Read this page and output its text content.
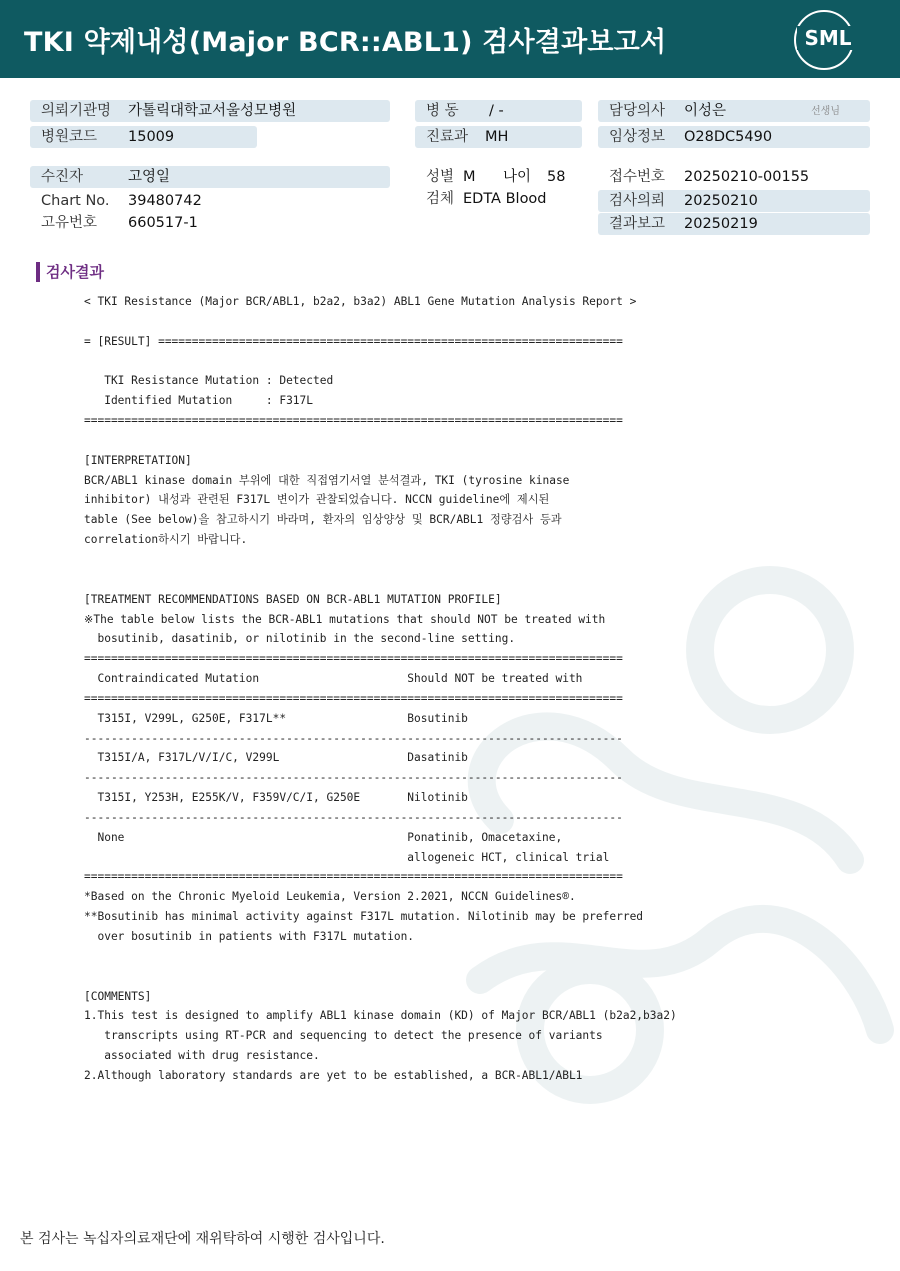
TKI 약제내성(Major BCR::ABL1) 검사결과보고서	SML
의뢰기관명 가톨릭대학교서울성모병원	병 동 / -	담당의사 이성은	선생님
병원코드 15009	진료과 MH	임상정보 O28DC5490
수진자	고영일	성별 M 나이 58	접수번호 20250210-00155
Chart No. 39480742	검체 EDTA Blood	검사의뢰 20250210
고유번호 660517-1	결과보고 20250219
검사결과
< TKI Resistance (Major BCR/ABL1, b2a2, b3a2) ABL1 Gene Mutation Analysis Report >

= [RESULT] =====================================================================

TKI Resistance Mutation : Detected
Identified Mutation     : F317L
================================================================================

[INTERPRETATION]
BCR/ABL1 kinase domain 부위에 대한 직접염기서열 분석결과, TKI (tyrosine kinase
inhibitor) 내성과 관련된 F317L 변이가 관찰되었습니다. NCCN guideline에 제시된
table (See below)을 참고하시기 바라며, 환자의 임상양상 및 BCR/ABL1 정량검사 등과
correlation하시기 바랍니다.

[TREATMENT RECOMMENDATIONS BASED ON BCR-ABL1 MUTATION PROFILE]
※The table below lists the BCR-ABL1 mutations that should NOT be treated with
bosutinib, dasatinib, or nilotinib in the second-line setting.
================================================================================
Contraindicated Mutation                      Should NOT be treated with
================================================================================
T315I, V299L, G250E, F317L**                  Bosutinib
--------------------------------------------------------------------------------
T315I/A, F317L/V/I/C, V299L                   Dasatinib
--------------------------------------------------------------------------------
T315I, Y253H, E255K/V, F359V/C/I, G250E       Nilotinib
--------------------------------------------------------------------------------
None                                          Ponatinib, Omacetaxine,
allogeneic HCT, clinical trial
================================================================================
*Based on the Chronic Myeloid Leukemia, Version 2.2021, NCCN Guidelines®.
**Bosutinib has minimal activity against F317L mutation. Nilotinib may be preferred
over bosutinib in patients with F317L mutation.

[COMMENTS]
1.This test is designed to amplify ABL1 kinase domain (KD) of Major BCR/ABL1 (b2a2,b3a2)
transcripts using RT-PCR and sequencing to detect the presence of variants
associated with drug resistance.
2.Although laboratory standards are yet to be established, a BCR-ABL1/ABL1

본 검사는 녹십자의료재단에 재위탁하여 시행한 검사입니다.
